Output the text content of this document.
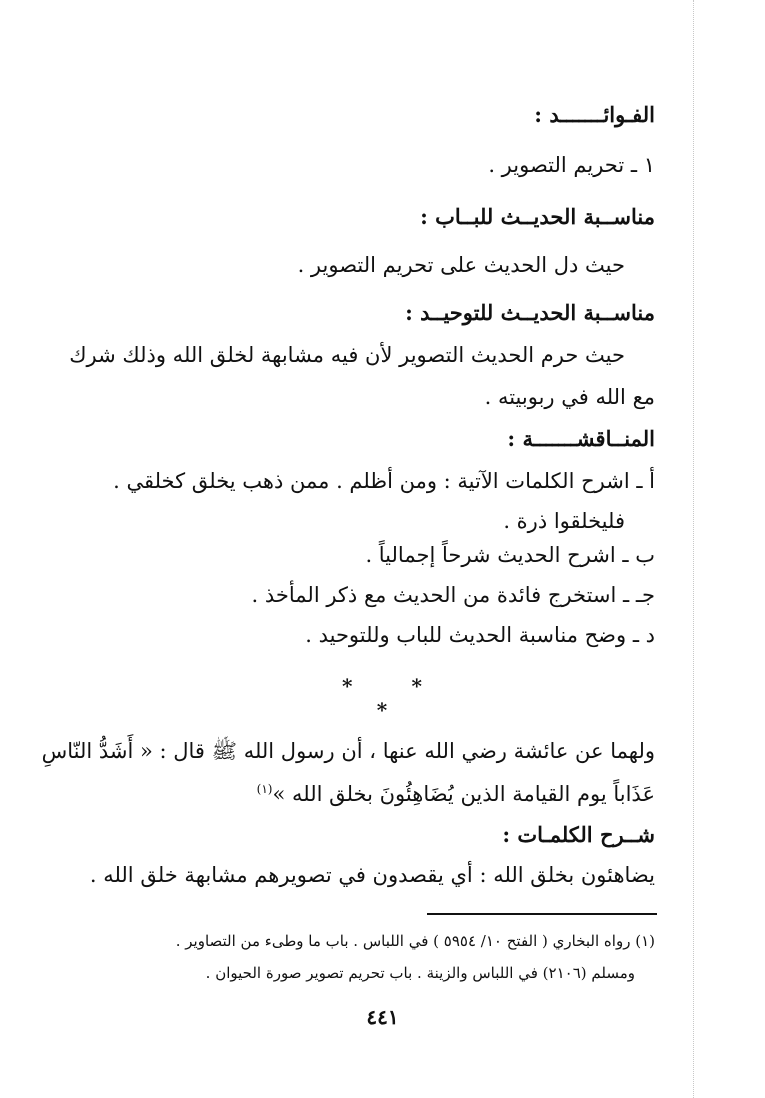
الفـوائـــــــد :
١ ـ تحريم التصوير .
مناســبة الحديــث للبــاب :
حيث دل الحديث على تحريم التصوير .
مناســبة الحديــث للتوحيــد :
حيث حرم الحديث التصوير لأن فيه مشابهة لخلق الله وذلك شرك
مع الله في ربوبيته .
المنــاقشـــــــة :
أ ـ اشرح الكلمات الآتية : ومن أظلم . ممن ذهب يخلق كخلقي .
فليخلقوا ذرة .
ب ـ اشرح الحديث شرحاً إجمالياً .
جـ ـ استخرج فائدة من الحديث مع ذكر المأخذ .
د ـ وضح مناسبة الحديث للباب وللتوحيد .
* * *
ولهما عن عائشة رضي الله عنها ، أن رسول الله ﷺ قال : « أَشَدُّ النّاسِ
عَذَاباً يوم القيامة الذين يُضَاهِئُونَ بخلق الله »$^{(١)}$
شــرح الكلمـات :
يضاهئون بخلق الله : أي يقصدون في تصويرهم مشابهة خلق الله .
(١) رواه البخاري ( الفتح ١٠/ ٥٩٥٤ ) في اللباس . باب ما وطىء من التصاوير .
ومسلم (٢١٠٦) في اللباس والزينة . باب تحريم تصوير صورة الحيوان .
٤٤١
